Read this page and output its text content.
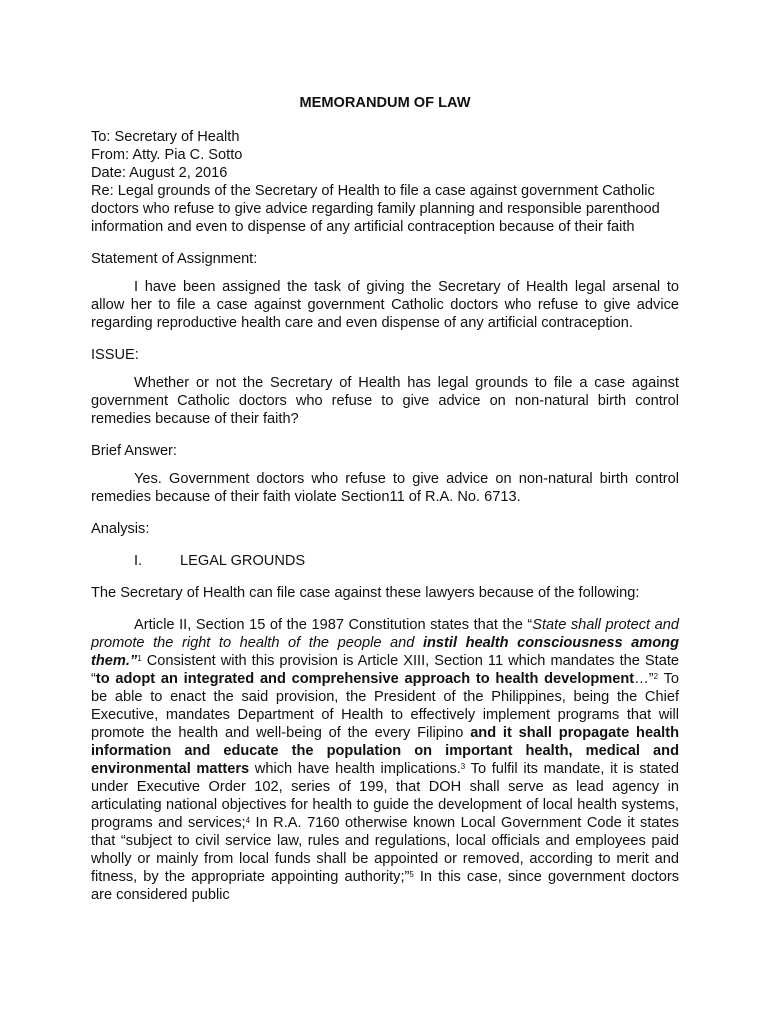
MEMORANDUM OF LAW

To: Secretary of Health

From: Atty. Pia C. Sotto

Date: August 2, 2016

Re: Legal grounds of the Secretary of Health to file a case against government Catholic doctors who refuse to give advice regarding family planning and responsible parenthood information and even to dispense of any artificial contraception because of their faith

Statement of Assignment:

I have been assigned the task of giving the Secretary of Health legal arsenal to allow her to file a case against government Catholic doctors who refuse to give advice regarding reproductive health care and even dispense of any artificial contraception.

ISSUE:

Whether or not the Secretary of Health has legal grounds to file a case against government Catholic doctors who refuse to give advice on non-natural birth control remedies because of their faith?

Brief Answer:

Yes. Government doctors who refuse to give advice on non-natural birth control remedies because of their faith violate Section11 of R.A. No. 6713.

Analysis:

I.	LEGAL GROUNDS

The Secretary of Health can file case against these lawyers because of the following:

Article II, Section 15 of the 1987 Constitution states that the “State shall protect and promote the right to health of the people and instil health consciousness among them.”$^1$ Consistent with this provision is Article XIII, Section 11 which mandates the State “to adopt an integrated and comprehensive approach to health development…”$^2$ To be able to enact the said provision, the President of the Philippines, being the Chief Executive, mandates Department of Health to effectively implement programs that will promote the health and well-being of the every Filipino and it shall propagate health information and educate the population on important health, medical and environmental matters which have health implications.$^3$ To fulfil its mandate, it is stated under Executive Order 102, series of 199, that DOH shall serve as lead agency in articulating national objectives for health to guide the development of local health systems, programs and services;$^4$ In R.A. 7160 otherwise known Local Government Code it states that “subject to civil service law, rules and regulations, local officials and employees paid wholly or mainly from local funds shall be appointed or removed, according to merit and fitness, by the appropriate appointing authority;”$^5$ In this case, since government doctors are considered public
